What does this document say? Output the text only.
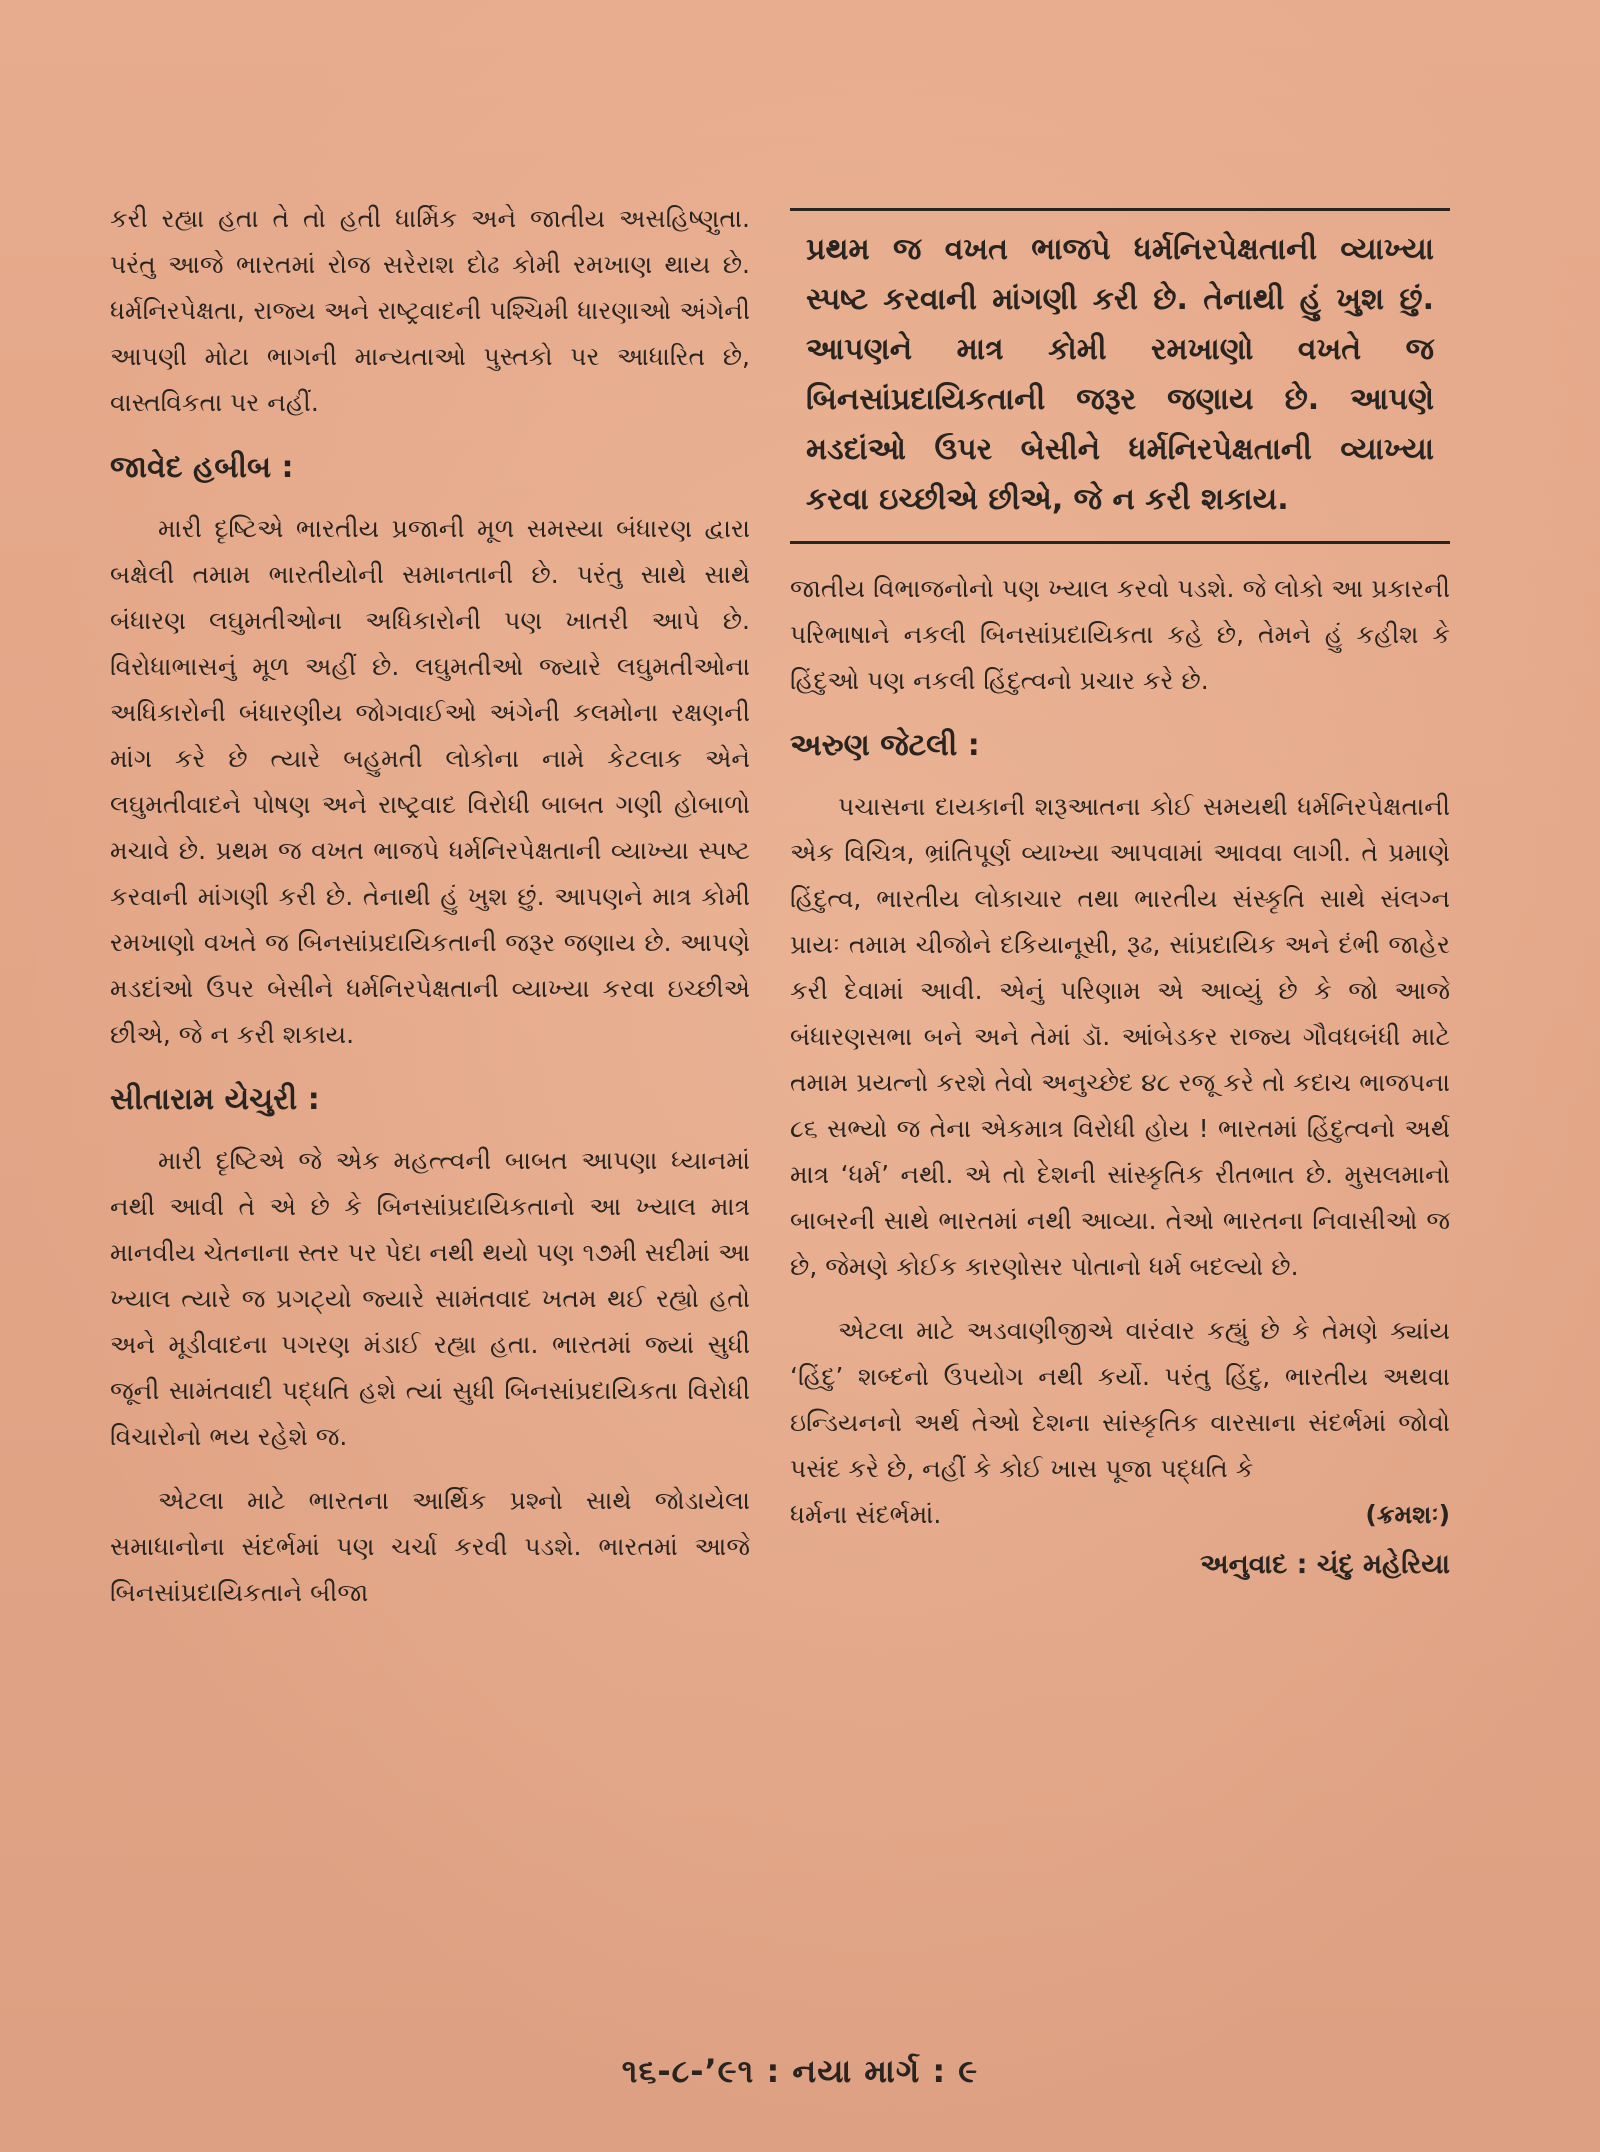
કરી રહ્યા હતા તે તો હતી ધાર્મિક અને જાતીય અસહિષ્ણુતા. પરંતુ આજે ભારતમાં રોજ સરેરાશ દોઢ કોમી રમખાણ થાય છે. ધર્મનિરપેક્ષતા, રાજ્ય અને રાષ્ટ્રવાદની પશ્ચિમી ધારણાઓ અંગેની આપણી મોટા ભાગની માન્યતાઓ પુસ્તકો પર આધારિત છે, વાસ્તવિકતા પર નહીં.

જાવેદ હબીબ :

મારી દૃષ્ટિએ ભારતીય પ્રજાની મૂળ સમસ્યા બંધારણ દ્વારા બક્ષેલી તમામ ભારતીયોની સમાનતાની છે. પરંતુ સાથે સાથે બંધારણ લઘુમતીઓના અધિકારોની પણ ખાતરી આપે છે. વિરોધાભાસનું મૂળ અહીં છે. લઘુમતીઓ જ્યારે લઘુમતીઓના અધિકારોની બંધારણીય જોગવાઈઓ અંગેની કલમોના રક્ષણની માંગ કરે છે ત્યારે બહુમતી લોકોના નામે કેટલાક એને લઘુમતીવાદને પોષણ અને રાષ્ટ્રવાદ વિરોધી બાબત ગણી હોબાળો મચાવે છે. પ્રથમ જ વખત ભાજપે ધર્મનિરપેક્ષતાની વ્યાખ્યા સ્પષ્ટ કરવાની માંગણી કરી છે. તેનાથી હું ખુશ છું. આપણને માત્ર કોમી રમખાણો વખતે જ બિનસાંપ્રદાયિકતાની જરૂર જણાય છે. આપણે મડદાંઓ ઉપર બેસીને ધર્મનિરપેક્ષતાની વ્યાખ્યા કરવા ઇચ્છીએ છીએ, જે ન કરી શકાય.

સીતારામ યેચુરી :

મારી દૃષ્ટિએ જે એક મહત્ત્વની બાબત આપણા ધ્યાનમાં નથી આવી તે એ છે કે બિનસાંપ્રદાયિકતાનો આ ખ્યાલ માત્ર માનવીય ચેતનાના સ્તર પર પેદા નથી થયો પણ ૧૭મી સદીમાં આ ખ્યાલ ત્યારે જ પ્રગટ્યો જ્યારે સામંતવાદ ખતમ થઈ રહ્યો હતો અને મૂડીવાદના પગરણ મંડાઈ રહ્યા હતા. ભારતમાં જ્યાં સુધી જૂની સામંતવાદી પદ્ધતિ હશે ત્યાં સુધી બિનસાંપ્રદાયિકતા વિરોધી વિચારોનો ભય રહેશે જ.

એટલા માટે ભારતના આર્થિક પ્રશ્નો સાથે જોડાયેલા સમાધાનોના સંદર્ભમાં પણ ચર્ચા કરવી પડશે. ભારતમાં આજે બિનસાંપ્રદાયિકતાને બીજા

પ્રથમ જ વખત ભાજપે ધર્મનિરપેક્ષતાની વ્યાખ્યા સ્પષ્ટ કરવાની માંગણી કરી છે. તેનાથી હું ખુશ છું. આપણને માત્ર કોમી રમખાણો વખતે જ બિનસાંપ્રદાયિકતાની જરૂર જણાય છે. આપણે મડદાંઓ ઉપર બેસીને ધર્મનિરપેક્ષતાની વ્યાખ્યા કરવા ઇચ્છીએ છીએ, જે ન કરી શકાય.

જાતીય વિભાજનોનો પણ ખ્યાલ કરવો પડશે. જે લોકો આ પ્રકારની પરિભાષાને નકલી બિનસાંપ્રદાયિકતા કહે છે, તેમને હું કહીશ કે હિંદુઓ પણ નકલી હિંદુત્વનો પ્રચાર કરે છે.

અરુણ જેટલી :

પચાસના દાયકાની શરૂઆતના કોઈ સમયથી ધર્મનિરપેક્ષતાની એક વિચિત્ર, ભ્રાંતિપૂર્ણ વ્યાખ્યા આપવામાં આવવા લાગી. તે પ્રમાણે હિંદુત્વ, ભારતીય લોકાચાર તથા ભારતીય સંસ્કૃતિ સાથે સંલગ્ન પ્રાયઃ તમામ ચીજોને દકિયાનૂસી, રૂઢ, સાંપ્રદાયિક અને દંભી જાહેર કરી દેવામાં આવી. એનું પરિણામ એ આવ્યું છે કે જો આજે બંધારણસભા બને અને તેમાં ડૉ. આંબેડકર રાજ્ય ગૌવધબંધી માટે તમામ પ્રયત્નો કરશે તેવો અનુચ્છેદ ૪૮ રજૂ કરે તો કદાચ ભાજપના ૮૬ સભ્યો જ તેના એકમાત્ર વિરોધી હોય ! ભારતમાં હિંદુત્વનો અર્થ માત્ર ‘ધર્મ’ નથી. એ તો દેશની સાંસ્કૃતિક રીતભાત છે. મુસલમાનો બાબરની સાથે ભારતમાં નથી આવ્યા. તેઓ ભારતના નિવાસીઓ જ છે, જેમણે કોઈક કારણોસર પોતાનો ધર્મ બદલ્યો છે.

એટલા માટે અડવાણીજીએ વારંવાર કહ્યું છે કે તેમણે ક્યાંય ‘હિંદુ’ શબ્દનો ઉપયોગ નથી કર્યો. પરંતુ હિંદુ, ભારતીય અથવા ઇન્ડિયનનો અર્થ તેઓ દેશના સાંસ્કૃતિક વારસાના સંદર્ભમાં જોવો પસંદ કરે છે, નહીં કે કોઈ ખાસ પૂજા પદ્ધતિ કે

ધર્મના સંદર્ભમાં.	(ક્રમશઃ)
અનુવાદ : ચંદુ મહેરિયા
૧૬-૮-’૯૧ : નયા માર્ગ : ૯
